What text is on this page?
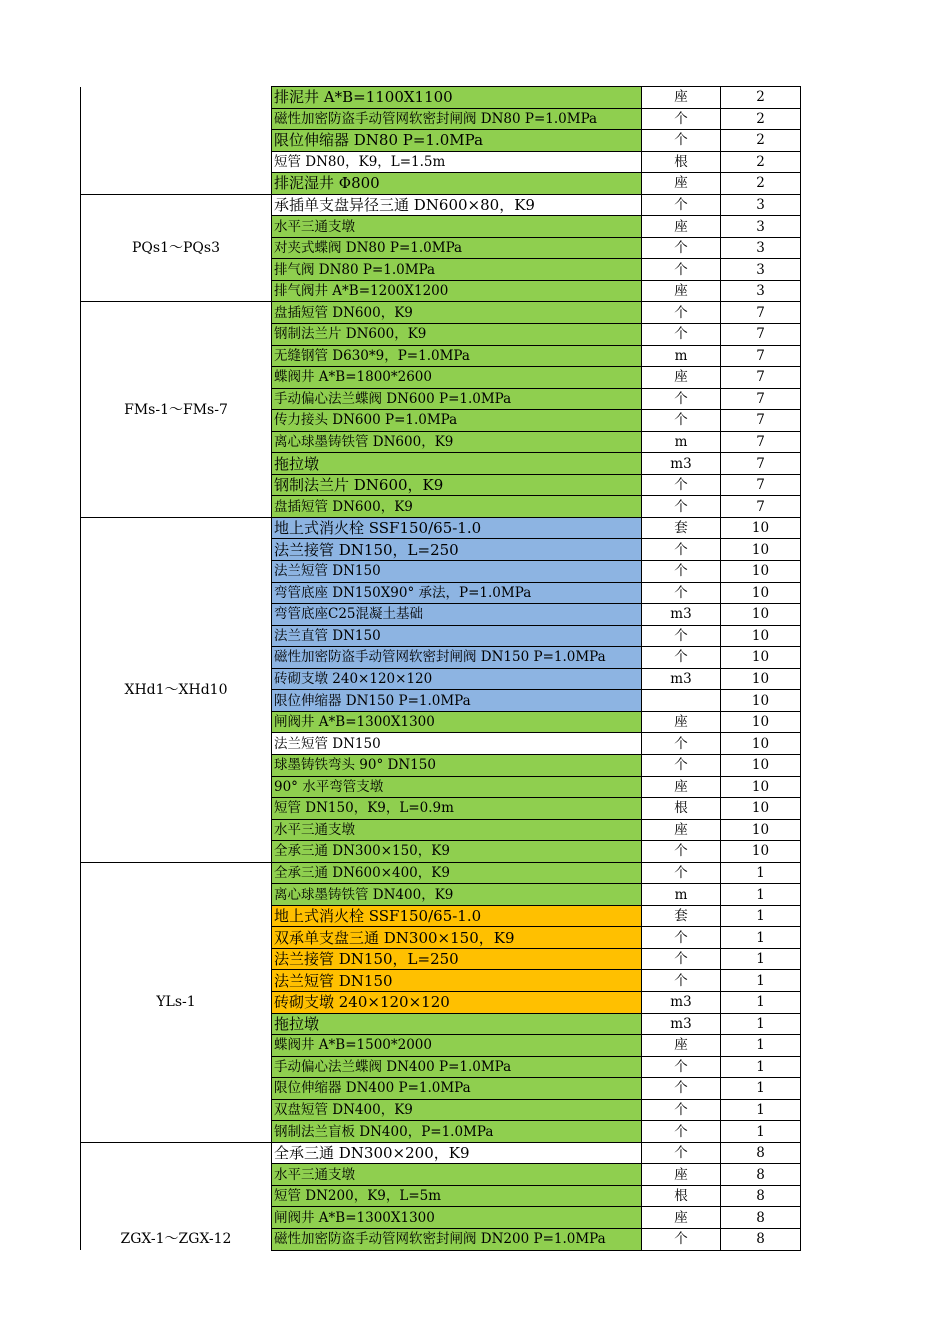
	排泥井 A*B=1100X1100	座	2
	磁性加密防盗手动管网软密封闸阀 DN80 P=1.0MPa	个	2
	限位伸缩器 DN80 P=1.0MPa	个	2
	短管 DN80，K9，L=1.5m	根	2
	排泥湿井 Φ800	座	2
PQs1～PQs3	承插单支盘异径三通 DN600×80，K9	个	3
	水平三通支墩	座	3
	对夹式蝶阀 DN80 P=1.0MPa	个	3
	排气阀 DN80 P=1.0MPa	个	3
	排气阀井 A*B=1200X1200	座	3
FMs-1～FMs-7	盘插短管 DN600，K9	个	7
	钢制法兰片 DN600，K9	个	7
	无缝钢管 D630*9，P=1.0MPa	m	7
	蝶阀井 A*B=1800*2600	座	7
	手动偏心法兰蝶阀 DN600 P=1.0MPa	个	7
	传力接头 DN600 P=1.0MPa	个	7
	离心球墨铸铁管 DN600，K9	m	7
	拖拉墩	m3	7
	钢制法兰片 DN600，K9	个	7
	盘插短管 DN600，K9	个	7
XHd1～XHd10	地上式消火栓 SSF150/65-1.0	套	10
	法兰接管 DN150，L=250	个	10
	法兰短管 DN150	个	10
	弯管底座 DN150X90° 承法，P=1.0MPa	个	10
	弯管底座C25混凝土基础	m3	10
	法兰直管 DN150	个	10
	磁性加密防盗手动管网软密封闸阀 DN150 P=1.0MPa	个	10
	砖砌支墩 240×120×120	m3	10
	限位伸缩器 DN150 P=1.0MPa		10
	闸阀井 A*B=1300X1300	座	10
	法兰短管 DN150	个	10
	球墨铸铁弯头 90° DN150	个	10
	90° 水平弯管支墩	座	10
	短管 DN150，K9，L=0.9m	根	10
	水平三通支墩	座	10
	全承三通 DN300×150，K9	个	10
YLs-1	全承三通 DN600×400，K9	个	1
	离心球墨铸铁管 DN400，K9	m	1
	地上式消火栓 SSF150/65-1.0	套	1
	双承单支盘三通 DN300×150，K9	个	1
	法兰接管 DN150，L=250	个	1
	法兰短管 DN150	个	1
	砖砌支墩 240×120×120	m3	1
	拖拉墩	m3	1
	蝶阀井 A*B=1500*2000	座	1
	手动偏心法兰蝶阀 DN400 P=1.0MPa	个	1
	限位伸缩器 DN400 P=1.0MPa	个	1
	双盘短管 DN400，K9	个	1
	钢制法兰盲板 DN400，P=1.0MPa	个	1
ZGX-1～ZGX-12	全承三通 DN300×200，K9	个	8
	水平三通支墩	座	8
	短管 DN200，K9，L=5m	根	8
	闸阀井 A*B=1300X1300	座	8
	磁性加密防盗手动管网软密封闸阀 DN200 P=1.0MPa	个	8
